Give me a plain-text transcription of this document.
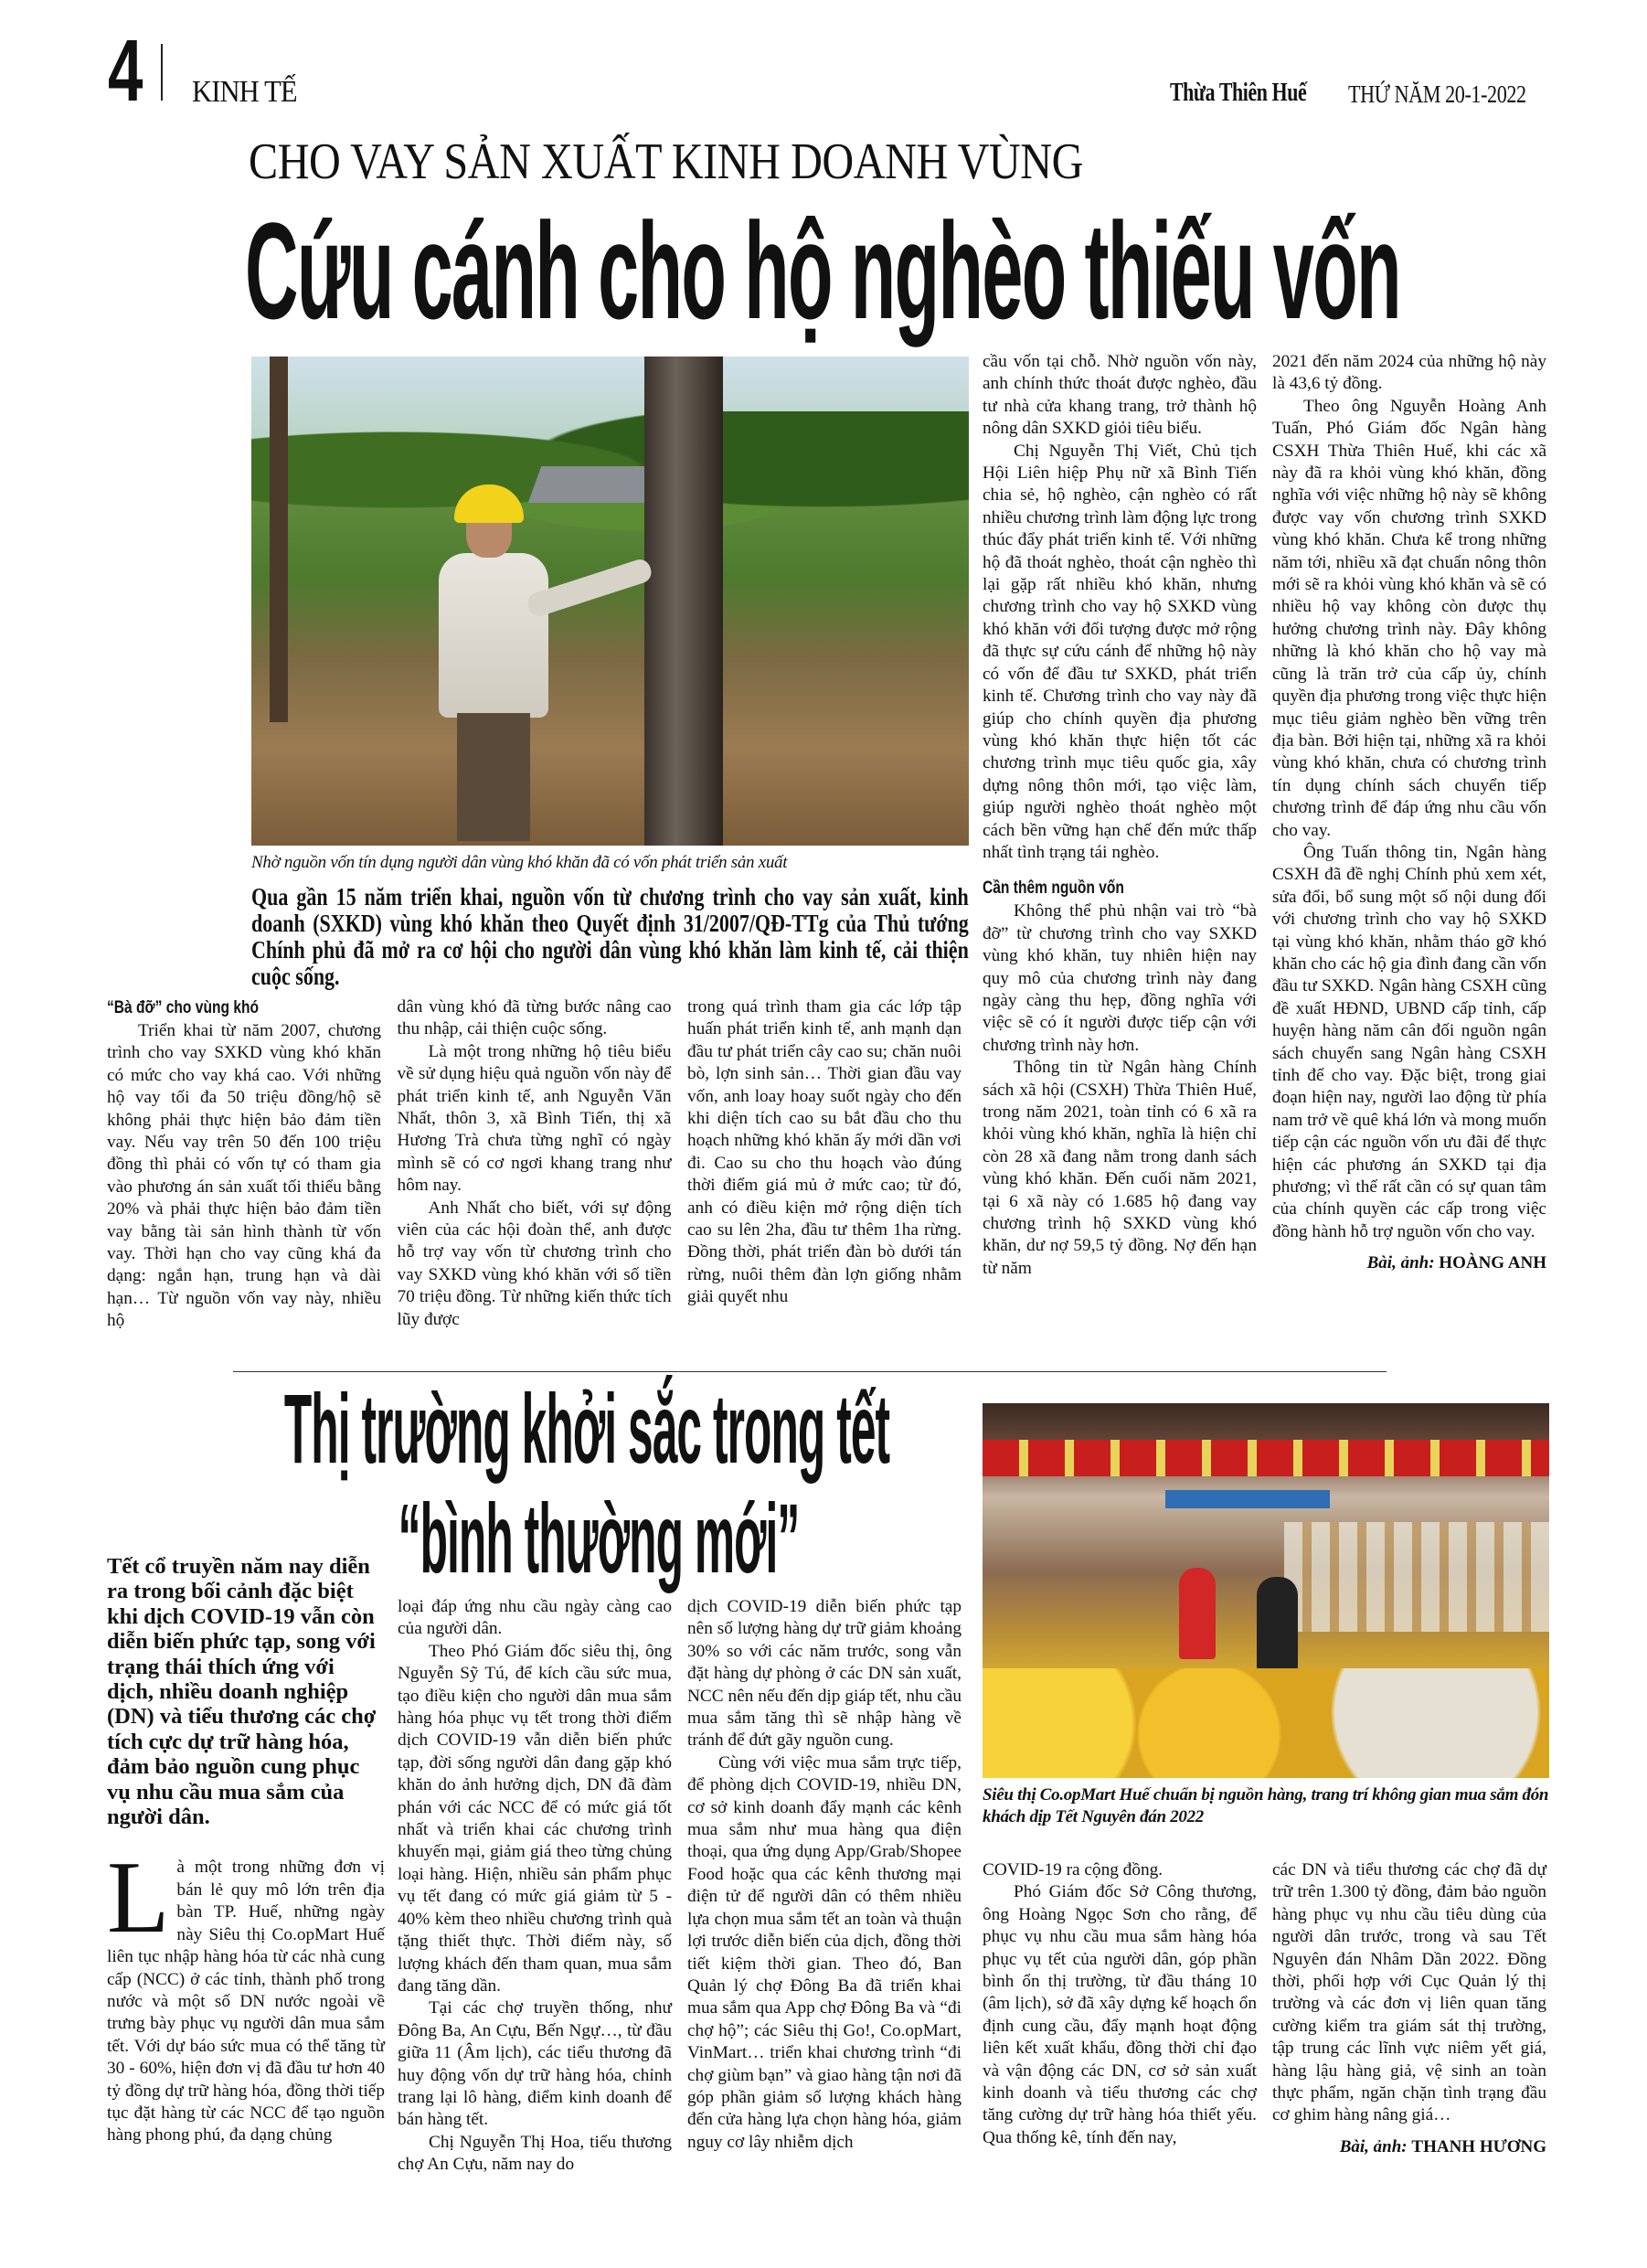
4 KINH TẾ	Thừa Thiên Huế THỨ NĂM 20-1-2022
CHO VAY SẢN XUẤT KINH DOANH VÙNG
Cứu cánh cho hộ nghèo thiếu vốn
Nhờ nguồn vốn tín dụng người dân vùng khó khăn đã có vốn phát triển sản xuất
Qua gần 15 năm triển khai, nguồn vốn từ chương trình cho vay sản xuất, kinh doanh (SXKD) vùng khó khăn theo Quyết định 31/2007/QĐ-TTg của Thủ tướng Chính phủ đã mở ra cơ hội cho người dân vùng khó khăn làm kinh tế, cải thiện cuộc sống.

“Bà đỡ” cho vùng khó

Triển khai từ năm 2007, chương trình cho vay SXKD vùng khó khăn có mức cho vay khá cao. Với những hộ vay tối đa 50 triệu đồng/hộ sẽ không phải thực hiện bảo đảm tiền vay. Nếu vay trên 50 đến 100 triệu đồng thì phải có vốn tự có tham gia vào phương án sản xuất tối thiểu bằng 20% và phải thực hiện bảo đảm tiền vay bằng tài sản hình thành từ vốn vay. Thời hạn cho vay cũng khá đa dạng: ngắn hạn, trung hạn và dài hạn… Từ nguồn vốn vay này, nhiều hộ

dân vùng khó đã từng bước nâng cao thu nhập, cải thiện cuộc sống.

Là một trong những hộ tiêu biểu về sử dụng hiệu quả nguồn vốn này để phát triển kinh tế, anh Nguyễn Văn Nhất, thôn 3, xã Bình Tiến, thị xã Hương Trà chưa từng nghĩ có ngày mình sẽ có cơ ngơi khang trang như hôm nay.

Anh Nhất cho biết, với sự động viên của các hội đoàn thể, anh được hỗ trợ vay vốn từ chương trình cho vay SXKD vùng khó khăn với số tiền 70 triệu đồng. Từ những kiến thức tích lũy được

trong quá trình tham gia các lớp tập huấn phát triển kinh tế, anh mạnh dạn đầu tư phát triển cây cao su; chăn nuôi bò, lợn sinh sản… Thời gian đầu vay vốn, anh loay hoay suốt ngày cho đến khi diện tích cao su bắt đầu cho thu hoạch những khó khăn ấy mới dần vơi đi. Cao su cho thu hoạch vào đúng thời điểm giá mủ ở mức cao; từ đó, anh có điều kiện mở rộng diện tích cao su lên 2ha, đầu tư thêm 1ha rừng. Đồng thời, phát triển đàn bò dưới tán rừng, nuôi thêm đàn lợn giống nhằm giải quyết nhu

cầu vốn tại chỗ. Nhờ nguồn vốn này, anh chính thức thoát được nghèo, đầu tư nhà cửa khang trang, trở thành hộ nông dân SXKD giỏi tiêu biểu.

Chị Nguyễn Thị Viết, Chủ tịch Hội Liên hiệp Phụ nữ xã Bình Tiến chia sẻ, hộ nghèo, cận nghèo có rất nhiều chương trình làm động lực trong thúc đẩy phát triển kinh tế. Với những hộ đã thoát nghèo, thoát cận nghèo thì lại gặp rất nhiều khó khăn, nhưng chương trình cho vay hộ SXKD vùng khó khăn với đối tượng được mở rộng đã thực sự cứu cánh để những hộ này có vốn để đầu tư SXKD, phát triển kinh tế. Chương trình cho vay này đã giúp cho chính quyền địa phương vùng khó khăn thực hiện tốt các chương trình mục tiêu quốc gia, xây dựng nông thôn mới, tạo việc làm, giúp người nghèo thoát nghèo một cách bền vững hạn chế đến mức thấp nhất tình trạng tái nghèo.

Cần thêm nguồn vốn

Không thể phủ nhận vai trò “bà đỡ” từ chương trình cho vay SXKD vùng khó khăn, tuy nhiên hiện nay quy mô của chương trình này đang ngày càng thu hẹp, đồng nghĩa với việc sẽ có ít người được tiếp cận với chương trình này hơn.

Thông tin từ Ngân hàng Chính sách xã hội (CSXH) Thừa Thiên Huế, trong năm 2021, toàn tỉnh có 6 xã ra khỏi vùng khó khăn, nghĩa là hiện chỉ còn 28 xã đang nằm trong danh sách vùng khó khăn. Đến cuối năm 2021, tại 6 xã này có 1.685 hộ đang vay chương trình hộ SXKD vùng khó khăn, dư nợ 59,5 tỷ đồng. Nợ đến hạn từ năm

2021 đến năm 2024 của những hộ này là 43,6 tỷ đồng.

Theo ông Nguyễn Hoàng Anh Tuấn, Phó Giám đốc Ngân hàng CSXH Thừa Thiên Huế, khi các xã này đã ra khỏi vùng khó khăn, đồng nghĩa với việc những hộ này sẽ không được vay vốn chương trình SXKD vùng khó khăn. Chưa kể trong những năm tới, nhiều xã đạt chuẩn nông thôn mới sẽ ra khỏi vùng khó khăn và sẽ có nhiều hộ vay không còn được thụ hưởng chương trình này. Đây không những là khó khăn cho hộ vay mà cũng là trăn trở của cấp ủy, chính quyền địa phương trong việc thực hiện mục tiêu giảm nghèo bền vững trên địa bàn. Bởi hiện tại, những xã ra khỏi vùng khó khăn, chưa có chương trình tín dụng chính sách chuyển tiếp chương trình để đáp ứng nhu cầu vốn cho vay.

Ông Tuấn thông tin, Ngân hàng CSXH đã đề nghị Chính phủ xem xét, sửa đổi, bổ sung một số nội dung đối với chương trình cho vay hộ SXKD tại vùng khó khăn, nhằm tháo gỡ khó khăn cho các hộ gia đình đang cần vốn đầu tư SXKD. Ngân hàng CSXH cũng đề xuất HĐND, UBND cấp tỉnh, cấp huyện hàng năm cân đối nguồn ngân sách chuyển sang Ngân hàng CSXH tỉnh để cho vay. Đặc biệt, trong giai đoạn hiện nay, người lao động từ phía nam trở về quê khá lớn và mong muốn tiếp cận các nguồn vốn ưu đãi để thực hiện các phương án SXKD tại địa phương; vì thế rất cần có sự quan tâm của chính quyền các cấp trong việc đồng hành hỗ trợ nguồn vốn cho vay.

Bài, ảnh: HOÀNG ANH
Thị trường khởi sắc trong tết
“bình thường mới”
Tết cổ truyền năm nay diễn ra trong bối cảnh đặc biệt khi dịch COVID-19 vẫn còn diễn biến phức tạp, song với trạng thái thích ứng với dịch, nhiều doanh nghiệp (DN) và tiểu thương các chợ tích cực dự trữ hàng hóa, đảm bảo nguồn cung phục vụ nhu cầu mua sắm của người dân.

Là một trong những đơn vị bán lẻ quy mô lớn trên địa bàn TP. Huế, những ngày này Siêu thị Co.opMart Huế liên tục nhập hàng hóa từ các nhà cung cấp (NCC) ở các tỉnh, thành phố trong nước và một số DN nước ngoài về trưng bày phục vụ người dân mua sắm tết. Với dự báo sức mua có thể tăng từ 30 - 60%, hiện đơn vị đã đầu tư hơn 40 tỷ đồng dự trữ hàng hóa, đồng thời tiếp tục đặt hàng từ các NCC để tạo nguồn hàng phong phú, đa dạng chủng

Siêu thị Co.opMart Huế chuẩn bị nguồn hàng, trang trí không gian mua sắm đón khách dịp Tết Nguyên đán 2022

loại đáp ứng nhu cầu ngày càng cao của người dân.

Theo Phó Giám đốc siêu thị, ông Nguyễn Sỹ Tú, để kích cầu sức mua, tạo điều kiện cho người dân mua sắm hàng hóa phục vụ tết trong thời điểm dịch COVID-19 vẫn diễn biến phức tạp, đời sống người dân đang gặp khó khăn do ảnh hưởng dịch, DN đã đàm phán với các NCC để có mức giá tốt nhất và triển khai các chương trình khuyến mại, giảm giá theo từng chủng loại hàng. Hiện, nhiều sản phẩm phục vụ tết đang có mức giá giảm từ 5 - 40% kèm theo nhiều chương trình quà tặng thiết thực. Thời điểm này, số lượng khách đến tham quan, mua sắm đang tăng dần.

Tại các chợ truyền thống, như Đông Ba, An Cựu, Bến Ngự…, từ đầu giữa 11 (Âm lịch), các tiểu thương đã huy động vốn dự trữ hàng hóa, chỉnh trang lại lô hàng, điểm kinh doanh để bán hàng tết.

Chị Nguyễn Thị Hoa, tiểu thương chợ An Cựu, năm nay do

dịch COVID-19 diễn biến phức tạp nên số lượng hàng dự trữ giảm khoảng 30% so với các năm trước, song vẫn đặt hàng dự phòng ở các DN sản xuất, NCC nên nếu đến dịp giáp tết, nhu cầu mua sắm tăng thì sẽ nhập hàng về tránh để đứt gãy nguồn cung.

Cùng với việc mua sắm trực tiếp, để phòng dịch COVID-19, nhiều DN, cơ sở kinh doanh đẩy mạnh các kênh mua sắm như mua hàng qua điện thoại, qua ứng dụng App/Grab/Shopee Food hoặc qua các kênh thương mại điện tử để người dân có thêm nhiều lựa chọn mua sắm tết an toàn và thuận lợi trước diễn biến của dịch, đồng thời tiết kiệm thời gian. Theo đó, Ban Quản lý chợ Đông Ba đã triển khai mua sắm qua App chợ Đông Ba và “đi chợ hộ”; các Siêu thị Go!, Co.opMart, VinMart… triển khai chương trình “đi chợ giùm bạn” và giao hàng tận nơi đã góp phần giảm số lượng khách hàng đến cửa hàng lựa chọn hàng hóa, giảm nguy cơ lây nhiễm dịch

COVID-19 ra cộng đồng.

Phó Giám đốc Sở Công thương, ông Hoàng Ngọc Sơn cho rằng, để phục vụ nhu cầu mua sắm hàng hóa phục vụ tết của người dân, góp phần bình ổn thị trường, từ đầu tháng 10 (âm lịch), sở đã xây dựng kế hoạch ổn định cung cầu, đẩy mạnh hoạt động liên kết xuất khẩu, đồng thời chỉ đạo và vận động các DN, cơ sở sản xuất kinh doanh và tiểu thương các chợ tăng cường dự trữ hàng hóa thiết yếu. Qua thống kê, tính đến nay,

các DN và tiểu thương các chợ đã dự trữ trên 1.300 tỷ đồng, đảm bảo nguồn hàng phục vụ nhu cầu tiêu dùng của người dân trước, trong và sau Tết Nguyên đán Nhâm Dần 2022. Đồng thời, phối hợp với Cục Quản lý thị trường và các đơn vị liên quan tăng cường kiểm tra giám sát thị trường, tập trung các lĩnh vực niêm yết giá, hàng lậu hàng giả, vệ sinh an toàn thực phẩm, ngăn chặn tình trạng đầu cơ ghim hàng nâng giá…

Bài, ảnh: THANH HƯƠNG
